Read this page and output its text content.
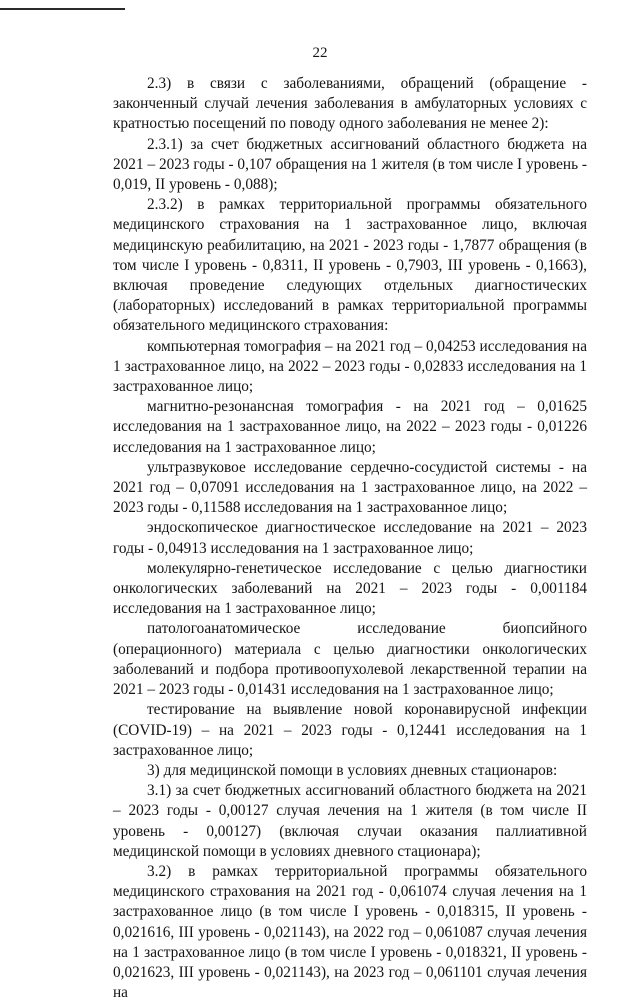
22

2.3) в связи с заболеваниями, обращений (обращение - законченный случай лечения заболевания в амбулаторных условиях с кратностью посещений по поводу одного заболевания не менее 2):

2.3.1) за счет бюджетных ассигнований областного бюджета на 2021 – 2023 годы - 0,107 обращения на 1 жителя (в том числе I уровень - 0,019, II уровень - 0,088);

2.3.2) в рамках территориальной программы обязательного медицинского страхования на 1 застрахованное лицо, включая медицинскую реабилитацию, на 2021 - 2023 годы - 1,7877 обращения (в том числе I уровень - 0,8311, II уровень - 0,7903, III уровень - 0,1663), включая проведение следующих отдельных диагностических (лабораторных) исследований в рамках территориальной программы обязательного медицинского страхования:

компьютерная томография – на 2021 год – 0,04253 исследования на 1 застрахованное лицо, на 2022 – 2023 годы - 0,02833 исследования на 1 застрахованное лицо;

магнитно-резонансная томография - на 2021 год – 0,01625 исследования на 1 застрахованное лицо, на 2022 – 2023 годы - 0,01226 исследования на 1 застрахованное лицо;

ультразвуковое исследование сердечно-сосудистой системы - на 2021 год – 0,07091 исследования на 1 застрахованное лицо, на 2022 – 2023 годы - 0,11588 исследования на 1 застрахованное лицо;

эндоскопическое диагностическое исследование на 2021 – 2023 годы - 0,04913 исследования на 1 застрахованное лицо;

молекулярно-генетическое исследование с целью диагностики онкологических заболеваний на 2021 – 2023 годы - 0,001184 исследования на 1 застрахованное лицо;

патологоанатомическое исследование биопсийного (операционного) материала с целью диагностики онкологических заболеваний и подбора противоопухолевой лекарственной терапии на 2021 – 2023 годы - 0,01431 исследования на 1 застрахованное лицо;

тестирование на выявление новой коронавирусной инфекции (COVID-19) – на 2021 – 2023 годы - 0,12441 исследования на 1 застрахованное лицо;

3) для медицинской помощи в условиях дневных стационаров:

3.1) за счет бюджетных ассигнований областного бюджета на 2021 – 2023 годы - 0,00127 случая лечения на 1 жителя (в том числе II уровень - 0,00127) (включая случаи оказания паллиативной медицинской помощи в условиях дневного стационара);

3.2) в рамках территориальной программы обязательного медицинского страхования на 2021 год - 0,061074 случая лечения на 1 застрахованное лицо (в том числе I уровень - 0,018315, II уровень - 0,021616, III уровень - 0,021143), на 2022 год – 0,061087 случая лечения на 1 застрахованное лицо (в том числе I уровень - 0,018321, II уровень - 0,021623, III уровень - 0,021143), на 2023 год – 0,061101 случая лечения на
